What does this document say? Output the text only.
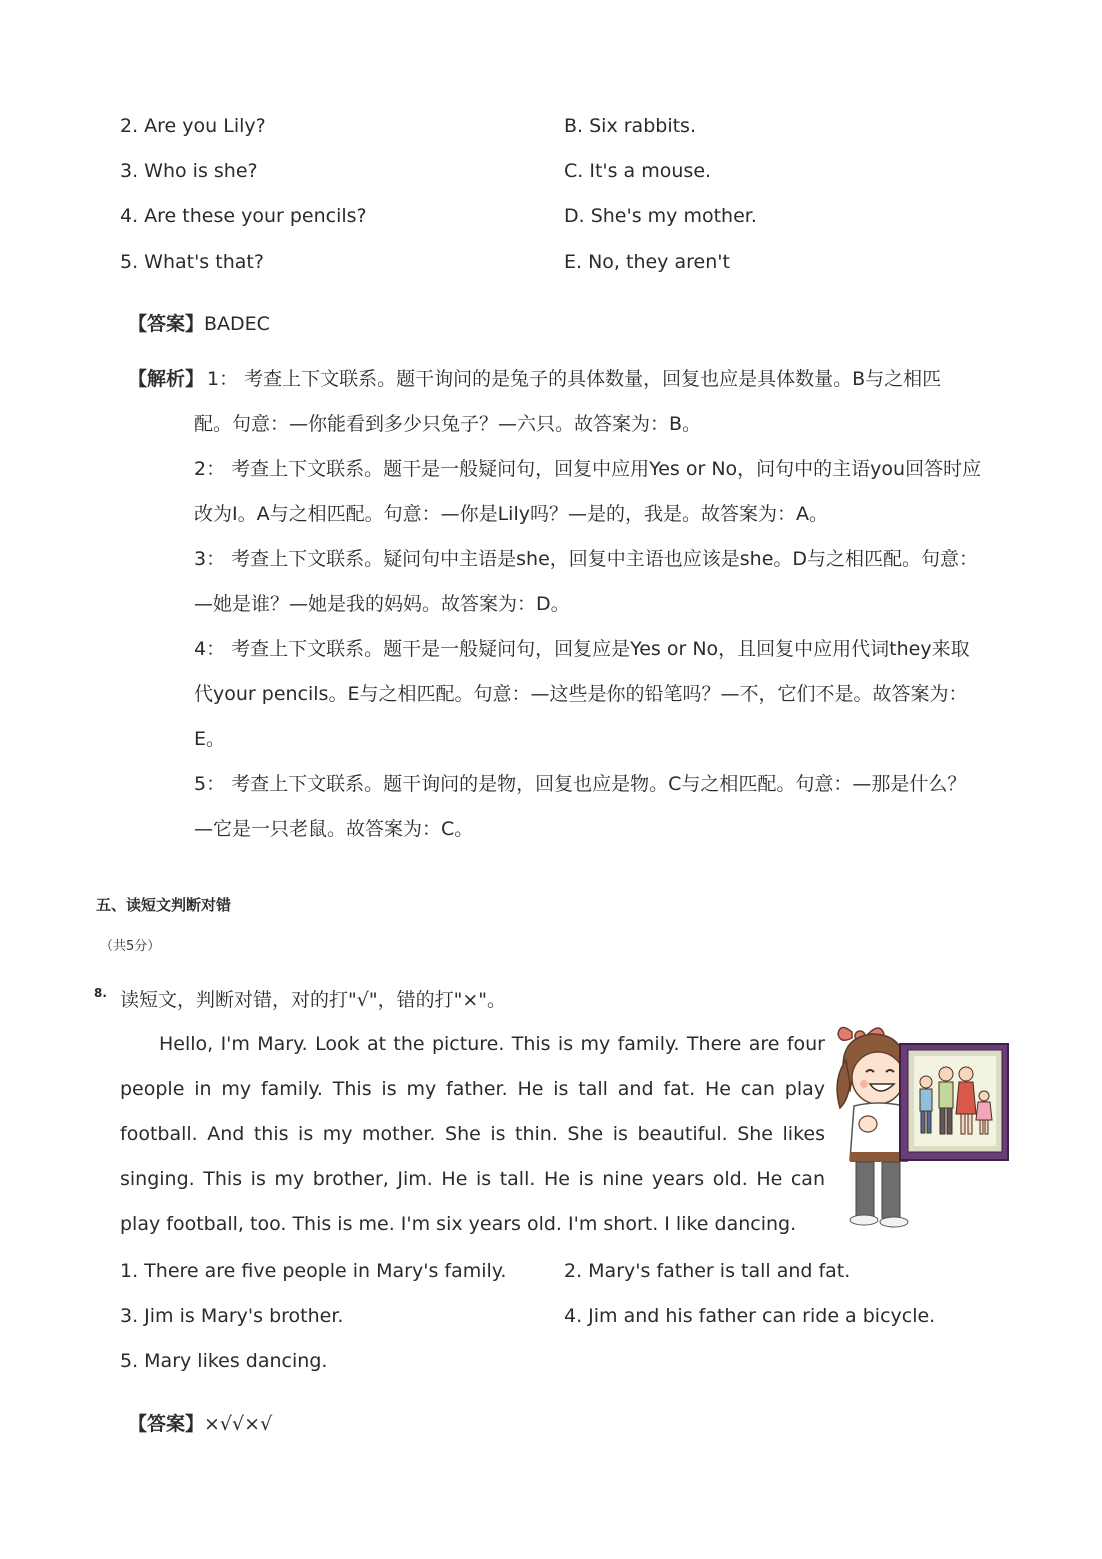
2. Are you Lily?	B. Six rabbits.
3. Who is she?	C. It's a mouse.
4. Are these your pencils?	D. She's my mother.
5. What's that?	E. No, they aren't
【答案】BADEC
【解析】 1： 考查上下文联系。题干询问的是兔子的具体数量，回复也应是具体数量。B与之相匹
配。句意：—你能看到多少只兔子？—六只。故答案为：B。
2： 考查上下文联系。题干是一般疑问句，回复中应用Yes or No，问句中的主语you回答时应
改为I。A与之相匹配。句意：—你是Lily吗？—是的，我是。故答案为：A。
3： 考查上下文联系。疑问句中主语是she，回复中主语也应该是she。D与之相匹配。句意：
—她是谁？—她是我的妈妈。故答案为：D。
4： 考查上下文联系。题干是一般疑问句，回复应是Yes or No，且回复中应用代词they来取
代your pencils。E与之相匹配。句意：—这些是你的铅笔吗？—不，它们不是。故答案为：
E。
5： 考查上下文联系。题干询问的是物，回复也应是物。C与之相匹配。句意：—那是什么？
—它是一只老鼠。故答案为：C。
五、读短文判断对错
（共5分）
8. 读短文，判断对错，对的打"√"，错的打"×"。
Hello, I'm Mary. Look at the picture. This is my family. There are four people in my family. This is my father. He is tall and fat. He can play football. And this is my mother. She is thin. She is beautiful. She likes singing. This is my brother, Jim. He is tall. He is nine years old. He can play football, too. This is me. I'm six years old. I'm short. I like dancing.
1. There are five people in Mary's family.	2. Mary's father is tall and fat.
3. Jim is Mary's brother.	4. Jim and his father can ride a bicycle.
5. Mary likes dancing.
【答案】×√√×√
